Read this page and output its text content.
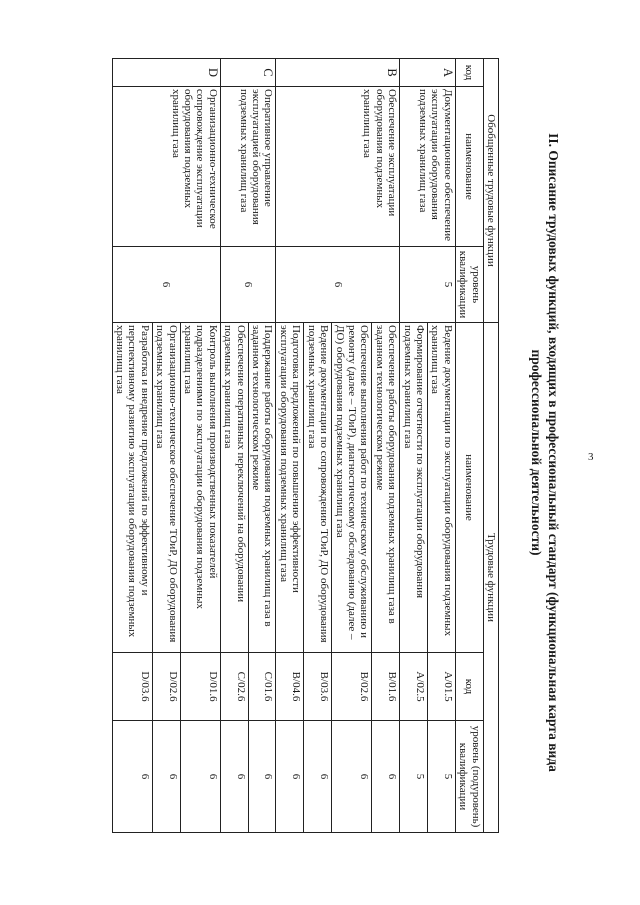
3
II. Описание трудовых функций, входящих в профессиональный стандарт (функциональная карта вида
профессиональной деятельности)
Обобщенные трудовые функции			Трудовые функции		
код	наименование	уровень квалификации	наименование	код	уровень (подуровень) квалификации
A	Документационное обеспечение эксплуатации оборудования подземных хранилищ газа	5	Ведение документации по эксплуатации оборудования подземных хранилищ газа	A/01.5	5
			Формирование отчетности по эксплуатации оборудования подземных хранилищ газа	A/02.5	5
B	Обеспечение эксплуатации оборудования подземных хранилищ газа	6	Обеспечение работы оборудования подземных хранилищ газа в заданном технологическом режиме	B/01.6	6
			Обеспечение выполнения работ по техническому обслуживанию и ремонту (далее – ТОиР), диагностическому обследованию (далее – ДО) оборудования подземных хранилищ газа	B/02.6	6
			Ведение документации по сопровождению ТОиР, ДО оборудования подземных хранилищ газа	B/03.6	6
			Подготовка предложений по повышению эффективности эксплуатации оборудования подземных хранилищ газа	B/04.6	6
C	Оперативное управление эксплуатацией оборудования подземных хранилищ газа	6	Поддержание работы оборудования подземных хранилищ газа в заданном технологическом режиме	C/01.6	6
			Обеспечение оперативных переключений на оборудовании подземных хранилищ газа	C/02.6	6
D	Организационно-техническое сопровождение эксплуатации оборудования подземных хранилищ газа	6	Контроль выполнения производственных показателей подразделениями по эксплуатации оборудования подземных хранилищ газа	D/01.6	6
			Организационно-техническое обеспечение ТОиР, ДО оборудования подземных хранилищ газа	D/02.6	6
			Разработка и внедрение предложений по эффективному и перспективному развитию эксплуатации оборудования подземных хранилищ газа	D/03.6	6
